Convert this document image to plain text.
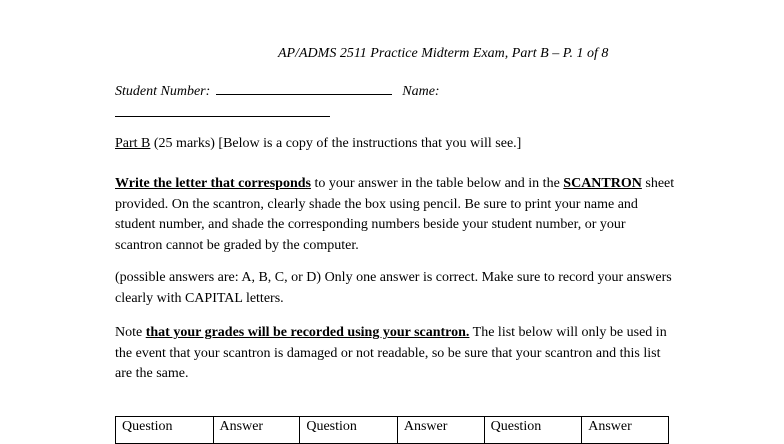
AP/ADMS 2511 Practice Midterm Exam, Part B – P. 1 of 8
Student Number:	Name:
Part B (25 marks) [Below is a copy of the instructions that you will see.]
Write the letter that corresponds to your answer in the table below and in the SCANTRON sheet provided. On the scantron, clearly shade the box using pencil. Be sure to print your name and student number, and shade the corresponding numbers beside your student number, or your scantron cannot be graded by the computer.
(possible answers are: A, B, C, or D) Only one answer is correct. Make sure to record your answers clearly with CAPITAL letters.
Note that your grades will be recorded using your scantron. The list below will only be used in the event that your scantron is damaged or not readable, so be sure that your scantron and this list are the same.
Question	Answer	Question	Answer	Question	Answer
